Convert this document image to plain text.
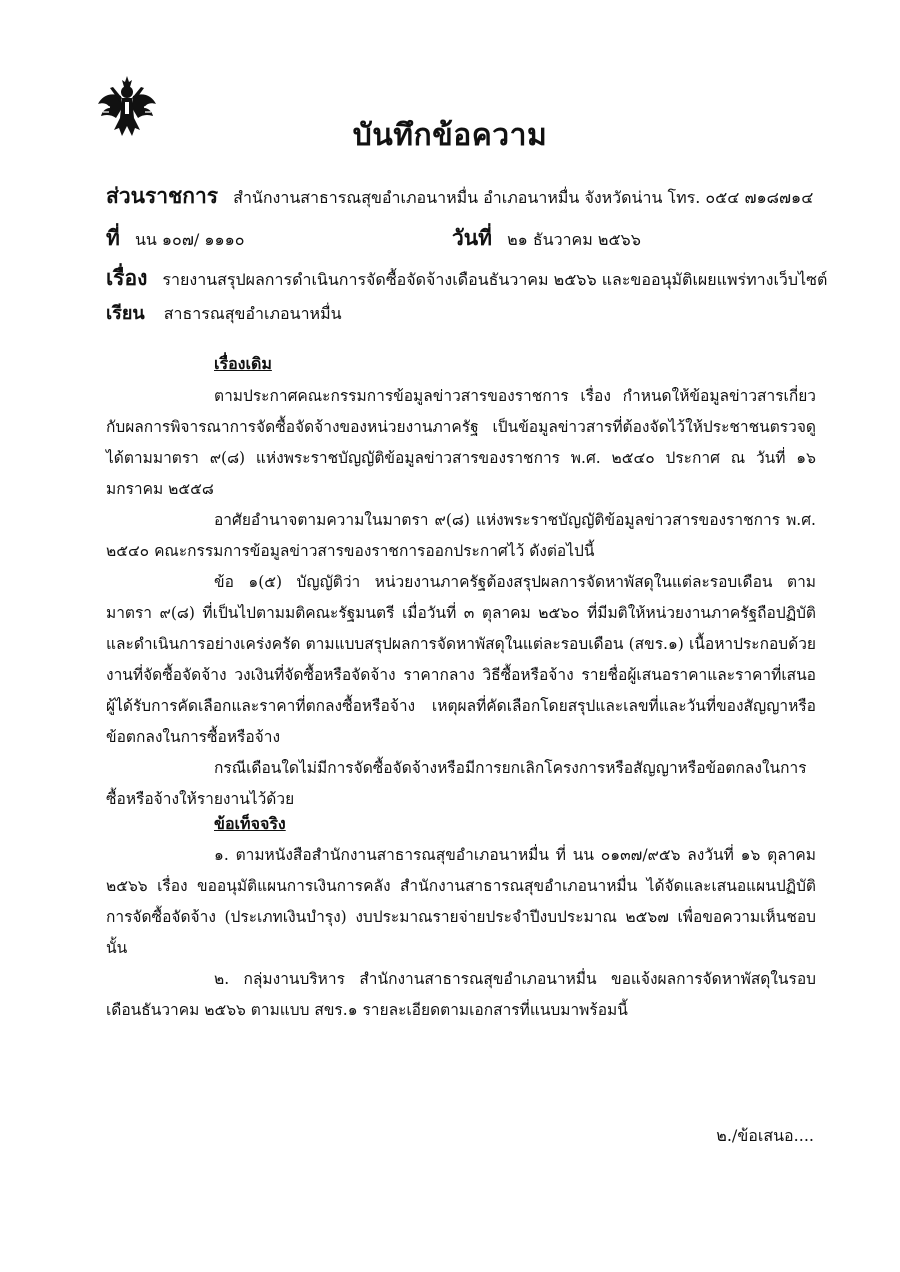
บันทึกข้อความ
ส่วนราชการ สำนักงานสาธารณสุขอำเภอนาหมื่น อำเภอนาหมื่น จังหวัดน่าน โทร. ๐๕๔ ๗๑๘๗๑๔
ที่ นน ๑๐๗/ ๑๑๑๐	วันที่ ๒๑ ธันวาคม ๒๕๖๖
เรื่อง รายงานสรุปผลการดำเนินการจัดซื้อจัดจ้างเดือนธันวาคม ๒๕๖๖ และขออนุมัติเผยแพร่ทางเว็บไซต์
เรียน สาธารณสุขอำเภอนาหมื่น
เรื่องเดิม

ตามประกาศคณะกรรมการข้อมูลข่าวสารของราชการ เรื่อง กำหนดให้ข้อมูลข่าวสารเกี่ยวกับผลการพิจารณาการจัดซื้อจัดจ้างของหน่วยงานภาครัฐ เป็นข้อมูลข่าวสารที่ต้องจัดไว้ให้ประชาชนตรวจดูได้ตามมาตรา ๙(๘) แห่งพระราชบัญญัติข้อมูลข่าวสารของราชการ พ.ศ. ๒๕๔๐ ประกาศ ณ วันที่ ๑๖ มกราคม ๒๕๕๘

อาศัยอำนาจตามความในมาตรา ๙(๘) แห่งพระราชบัญญัติข้อมูลข่าวสารของราชการ พ.ศ. ๒๕๔๐ คณะกรรมการข้อมูลข่าวสารของราชการออกประกาศไว้ ดังต่อไปนี้

ข้อ ๑(๕) บัญญัติว่า หน่วยงานภาครัฐต้องสรุปผลการจัดหาพัสดุในแต่ละรอบเดือน ตามมาตรา ๙(๘) ที่เป็นไปตามมติคณะรัฐมนตรี เมื่อวันที่ ๓ ตุลาคม ๒๕๖๐ ที่มีมติให้หน่วยงานภาครัฐถือปฏิบัติและดำเนินการอย่างเคร่งครัด ตามแบบสรุปผลการจัดหาพัสดุในแต่ละรอบเดือน (สขร.๑) เนื้อหาประกอบด้วย งานที่จัดซื้อจัดจ้าง วงเงินที่จัดซื้อหรือจัดจ้าง ราคากลาง วิธีซื้อหรือจ้าง รายชื่อผู้เสนอราคาและราคาที่เสนอ ผู้ได้รับการคัดเลือกและราคาที่ตกลงซื้อหรือจ้าง เหตุผลที่คัดเลือกโดยสรุปและเลขที่และวันที่ของสัญญาหรือข้อตกลงในการซื้อหรือจ้าง

กรณีเดือนใดไม่มีการจัดซื้อจัดจ้างหรือมีการยกเลิกโครงการหรือสัญญาหรือข้อตกลงในการซื้อหรือจ้างให้รายงานไว้ด้วย

ข้อเท็จจริง

๑. ตามหนังสือสำนักงานสาธารณสุขอำเภอนาหมื่น ที่ นน ๐๑๓๗/๙๕๖ ลงวันที่ ๑๖ ตุลาคม ๒๕๖๖ เรื่อง ขออนุมัติแผนการเงินการคลัง สำนักงานสาธารณสุขอำเภอนาหมื่น ได้จัดและเสนอแผนปฏิบัติการจัดซื้อจัดจ้าง (ประเภทเงินบำรุง) งบประมาณรายจ่ายประจำปีงบประมาณ ๒๕๖๗ เพื่อขอความเห็นชอบ นั้น

๒. กลุ่มงานบริหาร สำนักงานสาธารณสุขอำเภอนาหมื่น ขอแจ้งผลการจัดหาพัสดุในรอบเดือนธันวาคม ๒๕๖๖ ตามแบบ สขร.๑ รายละเอียดตามเอกสารที่แนบมาพร้อมนี้

๒./ข้อเสนอ....
